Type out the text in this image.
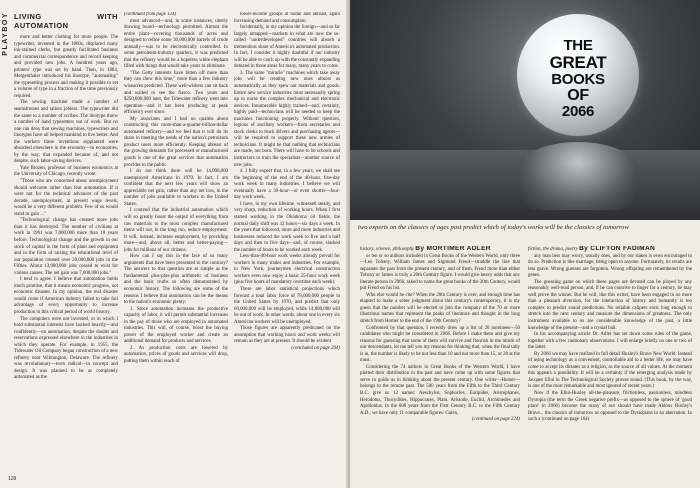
PLAYBOY LIVING WITH AUTOMATION

more and better clothing for more people. The typewriter, invented in the 1860s, displaced many ink-stained clerks, but greatly facilitated business and commercial correspondence and record keeping and provided new jobs. A hundred years ago, printers' type was set by hand. Then, in 1884, Mergenthaler introduced his linotype, "automating" the typesetting process and making it possible to set a volume of type in a fraction of the time previously required.

The sewing machine made a number of seamstresses and tailors jobless. The typewriter did the same to a number of scribes. The linotype threw a number of hand typesetters out of work. But no one can deny that sewing machines, typewriters and linotypes have all helped mankind to live better. And the workers these inventions supplanted were absorbed elsewhere in the economy—in economies, by the way, that expanded because of, and not despite, such labor-saving devices.

Yale Brozen, professor of business economics at the University of Chicago, recently wrote:

"Those who are concerned about unemployment should welcome rather than fear automation. If it were not for the technical advances of the past decade, unemployment, at present wage levels, would be a very different problem. Few of us would stand to gain ..."

"Technological change has created more jobs than it has destroyed. The number of civilians at work in 1961 was 7,000,000 more than 10 years before. Technological change and the growth in our stock of capital in the form of plant and equipment and in the form of raising the educational level of our population created over 20,000,000 jobs in the Fifties. About 13,000,000 jobs ceased to exist for various causes. The net gain was 7,000,000 jobs."

I tend to agree. I believe that automation holds much promise, that it means economic progress, not economic disaster. In my opinion, the real disaster would come if American industry failed to take full advantage of every opportunity to increase production in this critical period of world history.

The computers were not invented, or in which I hold substantial interests have backed heavily—and confidently—on automation, despite the doubts and reservations expressed elsewhere in the industries in which they operate. For example, in 1955, the Tidewater Oil Company began construction of a new refinery near Wilmington, Delaware. The refinery was revolutionary—even radical—in concept and design. It was planned to be as completely automated as the

(continued from page 124)

most advanced—and, in some instances, utterly drawing board—technology permitted. Almost the entire plant—covering thousands of acres and designed to refine some 30,000,000 barrels of crude annually—was to be electronically controlled. In some petroleum-industry quarters, it was predicted that the refinery would be a hopeless white elephant filled with things that would take years to eliminate.

"The Getty interests have bitten off more than they can chew this time," more than a few industry wiseacres predicted. These well-wishers can sit back and waited to see the fiasco. Two years and $250,000,000 later, the Tidewater refinery went into operation—and it has been producing at peak efficiency ever since.

My associates and I had no qualms about constructing this more-than-a-quarter-billion-dollar automated refinery—and we feel that it will do its share in meeting the needs of the nation's petroleum product users more efficiently. Keeping abreast of the growing demands for processed or manufactured goods is one of the great services that automation provides to the public.

I do not think there will be 14,000,000 unemployed Americans in 1970. In fact, I am confident that the next few years will show an appreciable net gain, rather than any net loss, in the number of jobs available to workers in the United States.

I contend that the industrial automation which will so greatly boost the output of everything from raw materials to the most complex manufactured items will not, in the long run, reduce employment. It will, instead, increase employment, by providing more—and, above all, better and better-paying—jobs for millions of our citizens.

How can I say this in the face of so many arguments that have been presented to the contrary? The answers to that question are as simple as the fundamental plus-plus-plus arithmetic of business and the basic truths so often demonstrated by economic history. The following are some of the reasons I believe that automation can be the means to the nation's economic plenty:

1. Since automation increases the productive capacity of labor, it will permit substantial increases in the pay of those who are employed in automated industries. This will, of course, boost the buying power of the employed worker and create an additional demand for products and services.

2. As production costs are lowered by automation, prices of goods and services will drop, putting them within reach of

lower-income groups at home and abroad, again increasing demand and consumption.

Incidentally, in my opinion the foreign—and so far largely untapped—markets in what are now the so-called "underdeveloped" countries will absorb a tremendous share of America's automated production. In fact, I consider it highly doubtful if our industry will be able to catch up with the constantly expanding demand in those areas for many, many years to come.

3. The same "miracle" machines which take away jobs will be creating new ones almost as automatically as they spew out materials and goods. Entire new service industries must necessarily spring up to nurse the complex mechanical and electronic devices. Innumerable highly trained—and, certainly, highly paid—technicians will be needed to keep the machines functioning properly. Without question, legions of ancillary workers—from secretaries and stock clerks to truck drivers and purchasing agents—will be required to support these new armies of technicians. It might be that nothing that technicians are made, not born. There will have to be schools and instructors to train the specialists—another source of new jobs.

4. I fully expect that, in a few years, we shall see the beginning of the end of the 40-hour, five-day work week in many industries. I believe we will eventually have a 30-hour—or even shorter—four-day work week.

I have, in my own lifetime, witnessed steady, and very sharp, reduction of working hours. When I first started working in the Oklahoma oil fields, the normal daily shift was 12 hours—six days a week. In the years that followed, more and more industries and businesses reduced the work week to five and a half days and then to five days—and, of course, slashed the number of hours to be worked each week.

Less-than-40-hour work weeks already prevail for workers in many trades and industries. For example, in New York, journeymen electrical construction workers even now enjoy a basic 25-hour work week (plus five hours of mandatory overtime each week).

There are labor statistical projections which forecast a total labor force of 78,000,000 people in the United States by 1970, and predict that only 60,000,000 will be employed, while 14,000,000 will be out of work. In other words, about one in every six American workers will be unemployed.

Those figures are apparently predicated on the assumption that working hours and work weeks will remain as they are at present. It should be evident

(concluded on page 204)

128
THE
GREAT
BOOKS
OF
2066
two experts on the classics of ages past predict which of today's works will be the classics of tomorrow

history, science, philosophy By MORTIMER ADLER

or ten or so authors included in Great Books of the Western World, only three—Leo Tolstoy, William James and Sigmund Freud—straddle the line that separates the past from the present century, and of them, Freud more than either Tolstoy or James is truly a 20th Century figure. I would give heavy odds that any literate person in 2066, asked to name the great books of the 20th Century, would put Freud on his list.

Who else would he cite? When the 20th Century is over, and enough time has elapsed to make a sober judgment about this century's contemporary, it is my guess that the number will be elected to join the company of the 70 or more illustrious names that represent the peaks of literature and thought in the long stretch from Homer to the end of the 19th Century?

Confronted by that question, I recently drew up a list of 20 nominees—50 candidates who might be considered in 2066. Before I make them and give my reasons for guessing that some of them will survive and flourish in the minds of our descendants, let me tell you my reasons for thinking that, when the final tally is in, the number is likely to be not less than 10 and not more than 15, or 20 at the most.

Considering the 74 authors in Great Books of the Western World, I have plotted their distribution in the past and have come up with some figures that serve to guide us in thinking about the present century. One writer—Homer—belongs to the remote past. The 500 years from the Fifth to the Third Century B.C. give us 12 names: Aeschylus, Sophocles, Euripides, Aristophanes, Herodotus, Thucydides, Hippocrates, Plato, Aristotle, Euclid, Archimedes and Apollonius. In the 600 years from the First Century B.C. to the Fifth Century A.D., we have only 11 comparable figures: Galen,

(continued on page 224)

fiction, the drama, poetry By CLIFTON FADIMAN

any man bets may worry, usually does, and by our stakes is even encouraged to do so. Prediction is like marriage, being open to anyone. Fortunately, its results are less grave. Wrong guesses are forgotten. Wrong offspring are remembered by the genes.

The guessing game on which these pages are devoted can be played by any reasonably well-read person, and, if he can contrive to linger for a century, he may well prove the winner. But he will, like this writer, have been engaged in no more than a pleasant diversion, for the interaction of history and humanity is too complex to predict sound predictions. No reliable calipers exist long enough to stretch into the next century and measure the dimensions of greatness. The only instrument available to us are considerable knowledge of the past, a little knowledge of the present—and a crystal ball.

In his accompanying article Dr. Adler has set down some rules of the game, together with a few cautionary observations. I will enlarge briefly on one or two of the latter.

By 2066 we may have realized in full detail Huxley's Brave New World. Instead of using technology as a convenient, controllable aid to a better life, we may have come to accept its dictates as a religion, as the source of all values. At the moment this appears a possibility. It will be a certainty if the emerging analysis made by Jacques Ellul in The Technological Society proves sound. (This book, by the way, is one of the most remarkable and most ignored of recent years.)

Now if the Ellul-Huxley all-the-pleasure, frictionless, passionless, mindless Dystopia (the term the Greek negative prefix—as opposed to the sphere of 'good place' in 2066) become the many of our should have made Aldous Huxley's Brave... the classics of tomorrow as opposed to the Dystopians in an aberration. In such a (continued on page 164)
